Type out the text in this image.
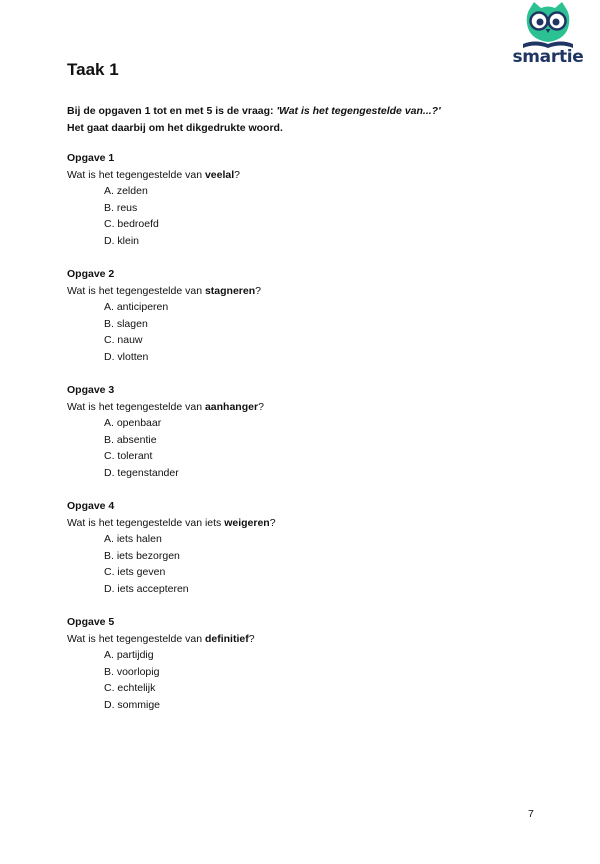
smartie
Taak 1
Bij de opgaven 1 tot en met 5 is de vraag: 'Wat is het tegengestelde van...?'
Het gaat daarbij om het dikgedrukte woord.
Opgave 1
Wat is het tegengestelde van veelal?
A. zelden
B. reus
C. bedroefd
D. klein
Opgave 2
Wat is het tegengestelde van stagneren?
A. anticiperen
B. slagen
C. nauw
D. vlotten
Opgave 3
Wat is het tegengestelde van aanhanger?
A. openbaar
B. absentie
C. tolerant
D. tegenstander
Opgave 4
Wat is het tegengestelde van iets weigeren?
A. iets halen
B. iets bezorgen
C. iets geven
D. iets accepteren
Opgave 5
Wat is het tegengestelde van definitief?
A. partijdig
B. voorlopig
C. echtelijk
D. sommige
7
